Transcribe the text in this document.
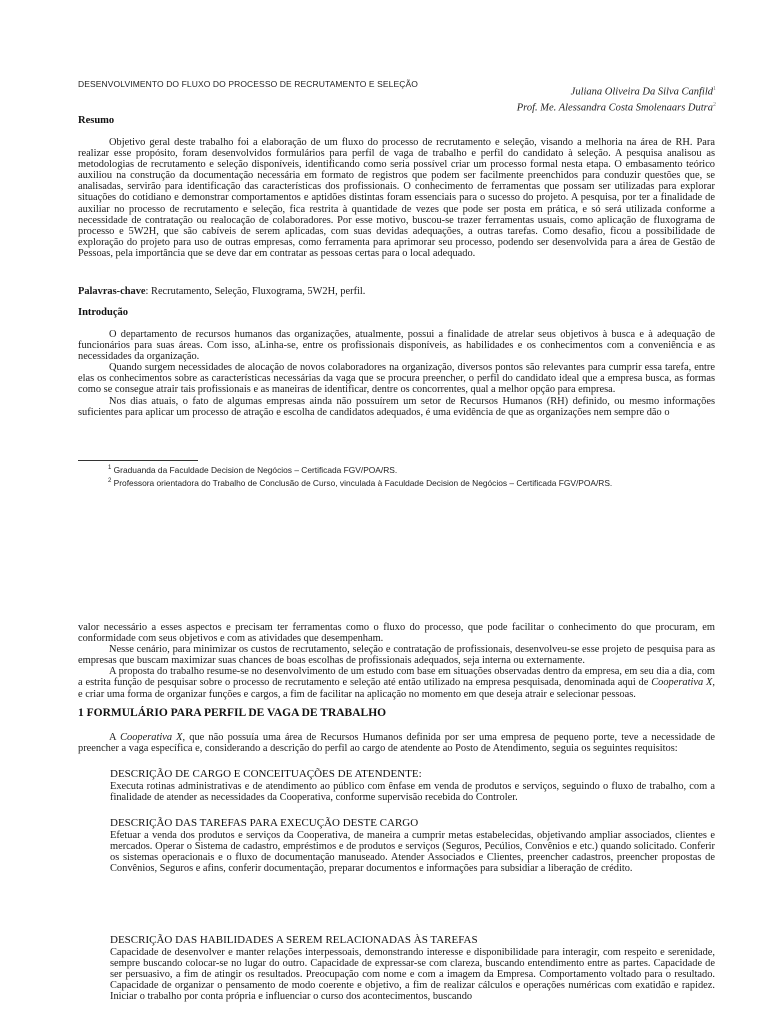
DESENVOLVIMENTO DO FLUXO DO PROCESSO DE RECRUTAMENTO E SELEÇÃO
Juliana Oliveira Da Silva Canfild$^1$
Prof. Me. Alessandra Costa Smolenaars Dutra$^2$
Resumo

Objetivo geral deste trabalho foi a elaboração de um fluxo do processo de recrutamento e seleção, visando a melhoria na área de RH. Para realizar esse propósito, foram desenvolvidos formulários para perfil de vaga de trabalho e perfil do candidato à seleção. A pesquisa analisou as metodologias de recrutamento e seleção disponíveis, identificando como seria possível criar um processo formal nesta etapa. O embasamento teórico auxiliou na construção da documentação necessária em formato de registros que podem ser facilmente preenchidos para conduzir questões que, se analisadas, servirão para identificação das características dos profissionais. O conhecimento de ferramentas que possam ser utilizadas para explorar situações do cotidiano e demonstrar comportamentos e aptidões distintas foram essenciais para o sucesso do projeto. A pesquisa, por ter a finalidade de auxiliar no processo de recrutamento e seleção, fica restrita à quantidade de vezes que pode ser posta em prática, e só será utilizada conforme a necessidade de contratação ou realocação de colaboradores. Por esse motivo, buscou-se trazer ferramentas usuais, como aplicação de fluxograma de processo e 5W2H, que são cabíveis de serem aplicadas, com suas devidas adequações, a outras tarefas. Como desafio, ficou a possibilidade de exploração do projeto para uso de outras empresas, como ferramenta para aprimorar seu processo, podendo ser desenvolvida para a área de Gestão de Pessoas, pela importância que se deve dar em contratar as pessoas certas para o local adequado.

Palavras-chave: Recrutamento, Seleção, Fluxograma, 5W2H, perfil.

Introdução

O departamento de recursos humanos das organizações, atualmente, possui a finalidade de atrelar seus objetivos à busca e à adequação de funcionários para suas áreas. Com isso, aLinha-se, entre os profissionais disponíveis, as habilidades e os conhecimentos com a conveniência e as necessidades da organização.

Quando surgem necessidades de alocação de novos colaboradores na organização, diversos pontos são relevantes para cumprir essa tarefa, entre elas os conhecimentos sobre as características necessárias da vaga que se procura preencher, o perfil do candidato ideal que a empresa busca, as formas como se consegue atrair tais profissionais e as maneiras de identificar, dentre os concorrentes, qual a melhor opção para empresa.

Nos dias atuais, o fato de algumas empresas ainda não possuírem um setor de Recursos Humanos (RH) definido, ou mesmo informações suficientes para aplicar um processo de atração e escolha de candidatos adequados, é uma evidência de que as organizações nem sempre dão o

$^1$ Graduanda da Faculdade Decision de Negócios – Certificada FGV/POA/RS.
$^2$ Professora orientadora do Trabalho de Conclusão de Curso, vinculada à Faculdade Decision de Negócios – Certificada FGV/POA/RS.

valor necessário a esses aspectos e precisam ter ferramentas como o fluxo do processo, que pode facilitar o conhecimento do que procuram, em conformidade com seus objetivos e com as atividades que desempenham.

Nesse cenário, para minimizar os custos de recrutamento, seleção e contratação de profissionais, desenvolveu-se esse projeto de pesquisa para as empresas que buscam maximizar suas chances de boas escolhas de profissionais adequados, seja interna ou externamente.

A proposta do trabalho resume-se no desenvolvimento de um estudo com base em situações observadas dentro da empresa, em seu dia a dia, com a estrita função de pesquisar sobre o processo de recrutamento e seleção até então utilizado na empresa pesquisada, denominada aqui de Cooperativa X, e criar uma forma de organizar funções e cargos, a fim de facilitar na aplicação no momento em que deseja atrair e selecionar pessoas.

1 FORMULÁRIO PARA PERFIL DE VAGA DE TRABALHO

A Cooperativa X, que não possuía uma área de Recursos Humanos definida por ser uma empresa de pequeno porte, teve a necessidade de preencher a vaga específica e, considerando a descrição do perfil ao cargo de atendente ao Posto de Atendimento, seguia os seguintes requisitos:

DESCRIÇÃO DE CARGO E CONCEITUAÇÕES DE ATENDENTE:

Executa rotinas administrativas e de atendimento ao público com ênfase em venda de produtos e serviços, seguindo o fluxo de trabalho, com a finalidade de atender as necessidades da Cooperativa, conforme supervisão recebida do Controler.

DESCRIÇÃO DAS TAREFAS PARA EXECUÇÃO DESTE CARGO

Efetuar a venda dos produtos e serviços da Cooperativa, de maneira a cumprir metas estabelecidas, objetivando ampliar associados, clientes e mercados. Operar o Sistema de cadastro, empréstimos e de produtos e serviços (Seguros, Pecúlios, Convênios e etc.) quando solicitado. Conferir os sistemas operacionais e o fluxo de documentação manuseado. Atender Associados e Clientes, preencher cadastros, preencher propostas de Convênios, Seguros e afins, conferir documentação, preparar documentos e informações para subsidiar a liberação de crédito.

DESCRIÇÃO DAS HABILIDADES A SEREM RELACIONADAS ÀS TAREFAS

Capacidade de desenvolver e manter relações interpessoais, demonstrando interesse e disponibilidade para interagir, com respeito e serenidade, sempre buscando colocar-se no lugar do outro. Capacidade de expressar-se com clareza, buscando entendimento entre as partes. Capacidade de ser persuasivo, a fim de atingir os resultados. Preocupação com nome e com a imagem da Empresa. Comportamento voltado para o resultado. Capacidade de organizar o pensamento de modo coerente e objetivo, a fim de realizar cálculos e operações numéricas com exatidão e rapidez. Iniciar o trabalho por conta própria e influenciar o curso dos acontecimentos, buscando
